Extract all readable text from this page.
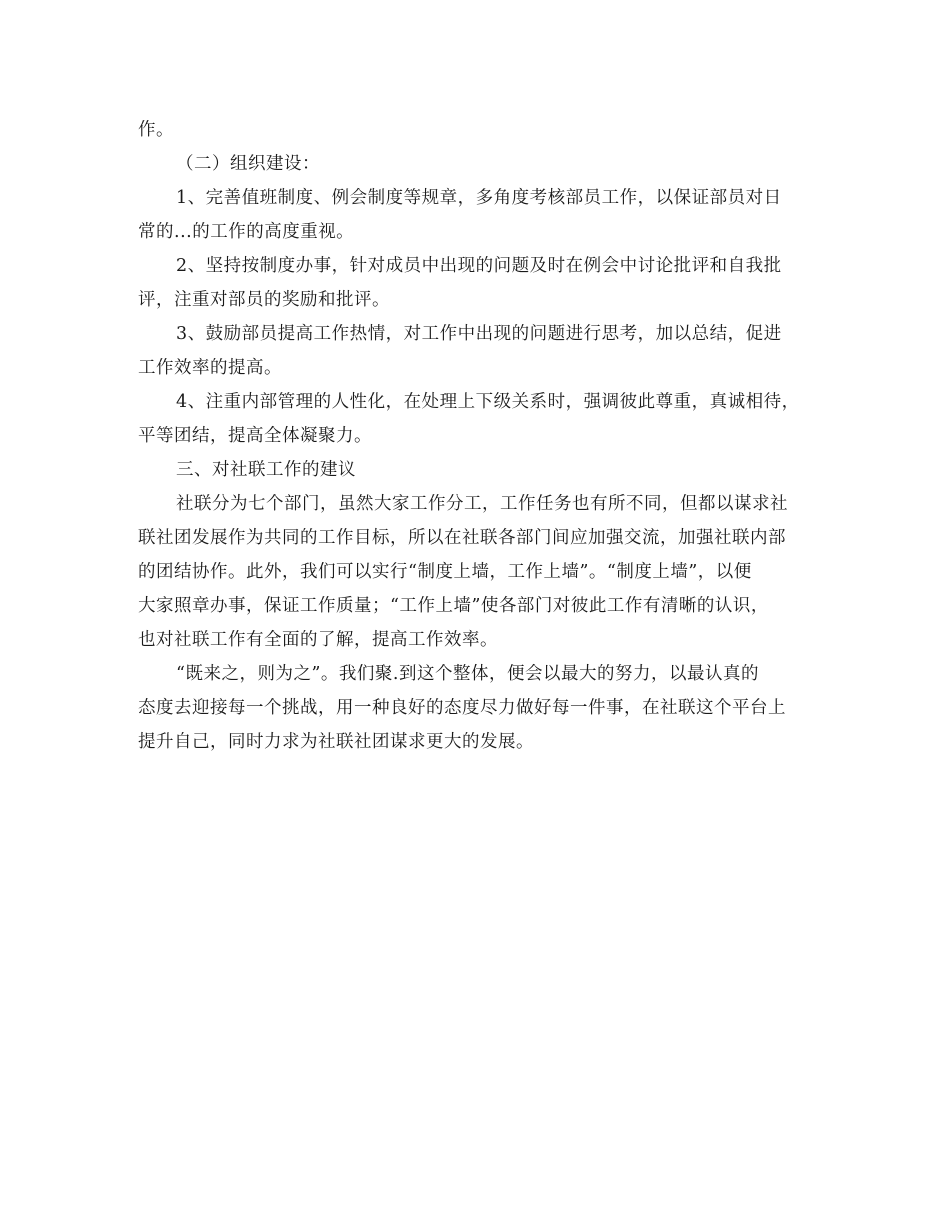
作。
（二）组织建设：
1、完善值班制度、例会制度等规章，多角度考核部员工作，以保证部员对日
常的...的工作的高度重视。
2、坚持按制度办事，针对成员中出现的问题及时在例会中讨论批评和自我批
评，注重对部员的奖励和批评。
3、鼓励部员提高工作热情，对工作中出现的问题进行思考，加以总结，促进
工作效率的提高。
4、注重内部管理的人性化，在处理上下级关系时，强调彼此尊重，真诚相待，
平等团结，提高全体凝聚力。
三、对社联工作的建议
社联分为七个部门，虽然大家工作分工，工作任务也有所不同，但都以谋求社
联社团发展作为共同的工作目标，所以在社联各部门间应加强交流，加强社联内部
的团结协作。此外，我们可以实行“制度上墙，工作上墙”。“制度上墙”，以便
大家照章办事，保证工作质量；“工作上墙”使各部门对彼此工作有清晰的认识，
也对社联工作有全面的了解，提高工作效率。
“既来之，则为之”。我们聚.到这个整体，便会以最大的努力，以最认真的
态度去迎接每一个挑战，用一种良好的态度尽力做好每一件事，在社联这个平台上
提升自己，同时力求为社联社团谋求更大的发展。
